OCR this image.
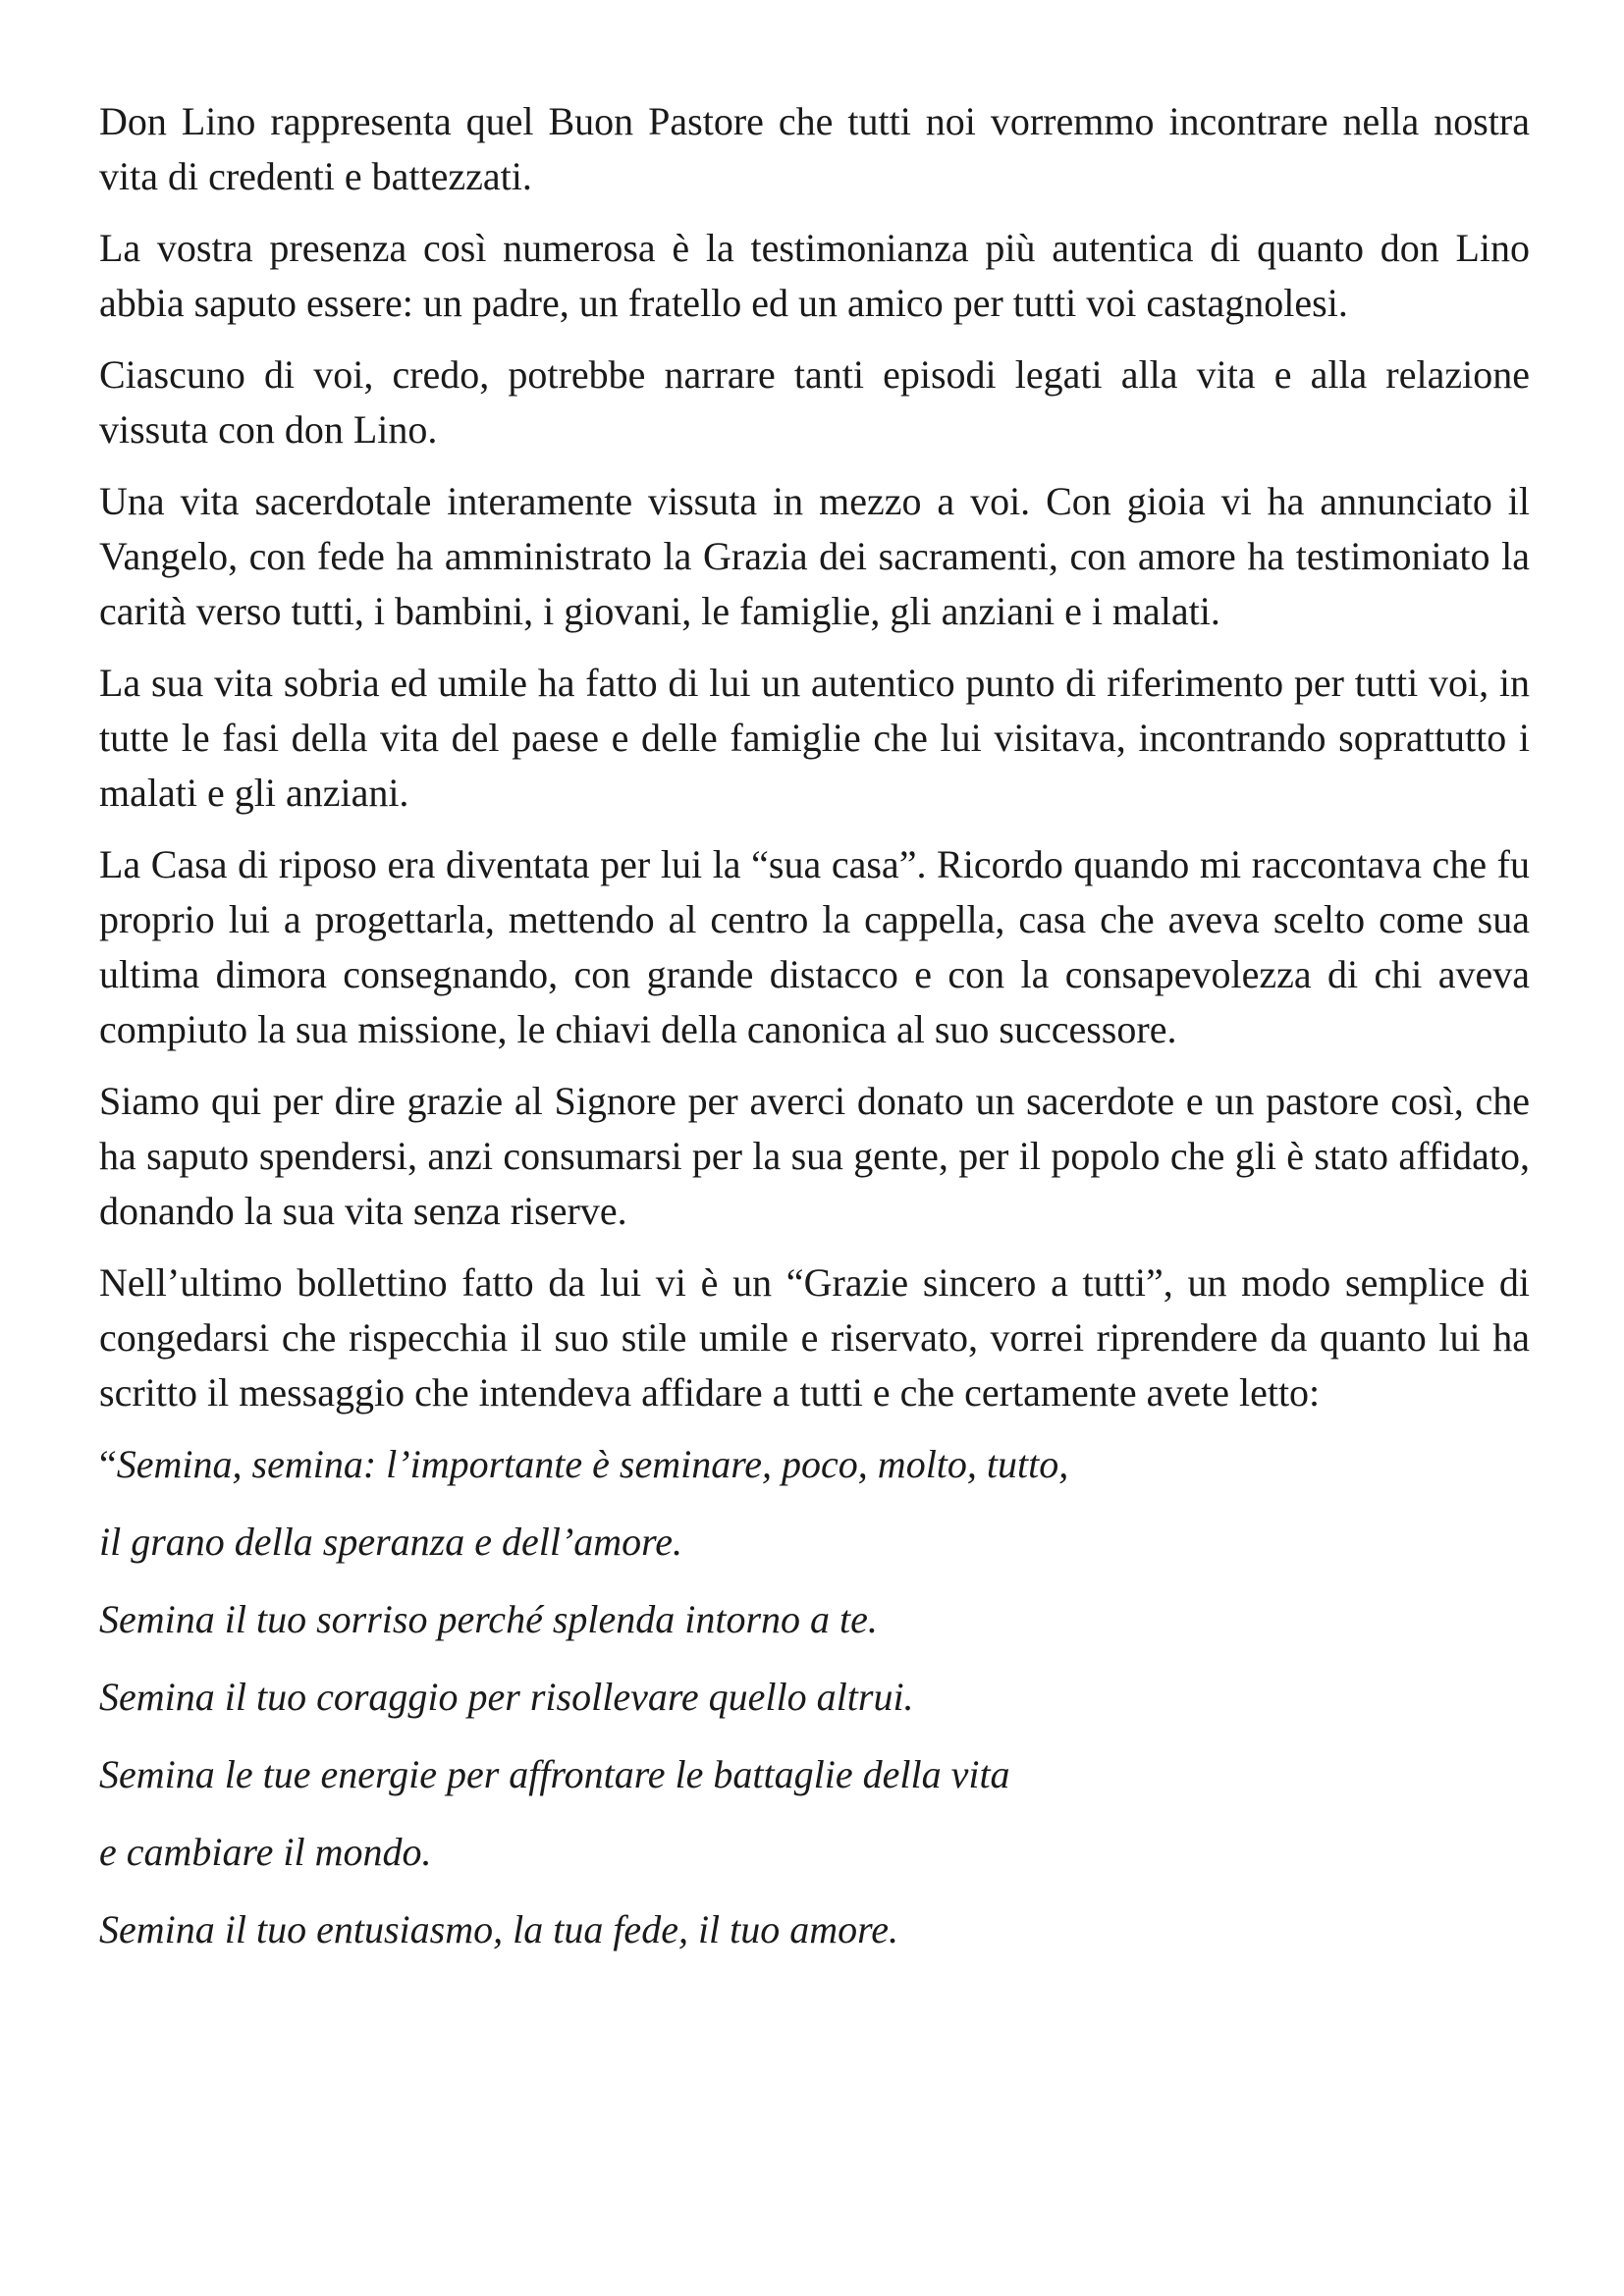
Don Lino rappresenta quel Buon Pastore che tutti noi vorremmo incontrare nella nostra vita di credenti e battezzati.

La vostra presenza così numerosa è la testimonianza più autentica di quanto don Lino abbia saputo essere: un padre, un fratello ed un amico per tutti voi castagnolesi.

Ciascuno di voi, credo, potrebbe narrare tanti episodi legati alla vita e alla relazione vissuta con don Lino.

Una vita sacerdotale interamente vissuta in mezzo a voi. Con gioia vi ha annunciato il Vangelo, con fede ha amministrato la Grazia dei sacramenti, con amore ha testimoniato la carità verso tutti, i bambini, i giovani, le famiglie, gli anziani e i malati.

La sua vita sobria ed umile ha fatto di lui un autentico punto di riferimento per tutti voi, in tutte le fasi della vita del paese e delle famiglie che lui visitava, incontrando soprattutto i malati e gli anziani.

La Casa di riposo era diventata per lui la “sua casa”. Ricordo quando mi raccontava che fu proprio lui a progettarla, mettendo al centro la cappella, casa che aveva scelto come sua ultima dimora consegnando, con grande distacco e con la consapevolezza di chi aveva compiuto la sua missione, le chiavi della canonica al suo successore.

Siamo qui per dire grazie al Signore per averci donato un sacerdote e un pastore così, che ha saputo spendersi, anzi consumarsi per la sua gente, per il popolo che gli è stato affidato, donando la sua vita senza riserve.

Nell’ultimo bollettino fatto da lui vi è un “Grazie sincero a tutti”, un modo semplice di congedarsi che rispecchia il suo stile umile e riservato, vorrei riprendere da quanto lui ha scritto il messaggio che intendeva affidare a tutti e che certamente avete letto:

“Semina, semina: l’importante è seminare, poco, molto, tutto,

il grano della speranza e dell’amore.

Semina il tuo sorriso perché splenda intorno a te.

Semina il tuo coraggio per risollevare quello altrui.

Semina le tue energie per affrontare le battaglie della vita

e cambiare il mondo.

Semina il tuo entusiasmo, la tua fede, il tuo amore.
